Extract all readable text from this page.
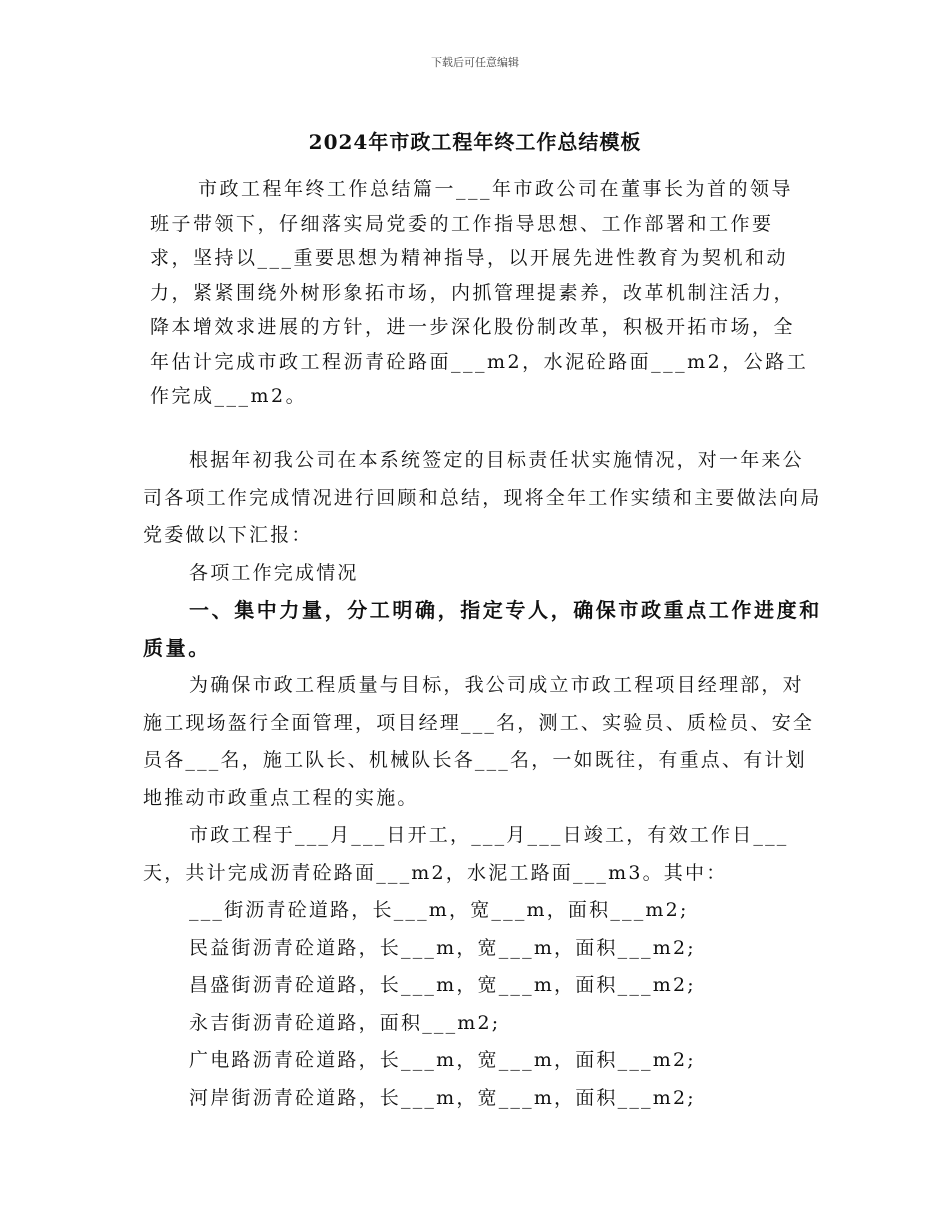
下载后可任意编辑
2024年市政工程年终工作总结模板

市政工程年终工作总结篇一___年市政公司在董事长为首的领导班子带领下，仔细落实局党委的工作指导思想、工作部署和工作要求，坚持以___重要思想为精神指导，以开展先进性教育为契机和动力，紧紧围绕外树形象拓市场，内抓管理提素养，改革机制注活力，降本增效求进展的方针，进一步深化股份制改革，积极开拓市场，全年估计完成市政工程沥青砼路面___m2，水泥砼路面___m2，公路工作完成___m2。

根据年初我公司在本系统签定的目标责任状实施情况，对一年来公司各项工作完成情况进行回顾和总结，现将全年工作实绩和主要做法向局党委做以下汇报：

各项工作完成情况

一、集中力量，分工明确，指定专人，确保市政重点工作进度和质量。

为确保市政工程质量与目标，我公司成立市政工程项目经理部，对施工现场盔行全面管理，项目经理___名，测工、实验员、质检员、安全员各___名，施工队长、机械队长各___名，一如既往，有重点、有计划地推动市政重点工程的实施。

市政工程于___月___日开工，___月___日竣工，有效工作日___天，共计完成沥青砼路面___m2，水泥工路面___m3。其中：

___街沥青砼道路，长___m，宽___m，面积___m2;

民益街沥青砼道路，长___m，宽___m，面积___m2;

昌盛街沥青砼道路，长___m，宽___m，面积___m2;

永吉街沥青砼道路，面积___m2;

广电路沥青砼道路，长___m，宽___m，面积___m2;

河岸街沥青砼道路，长___m，宽___m，面积___m2;
